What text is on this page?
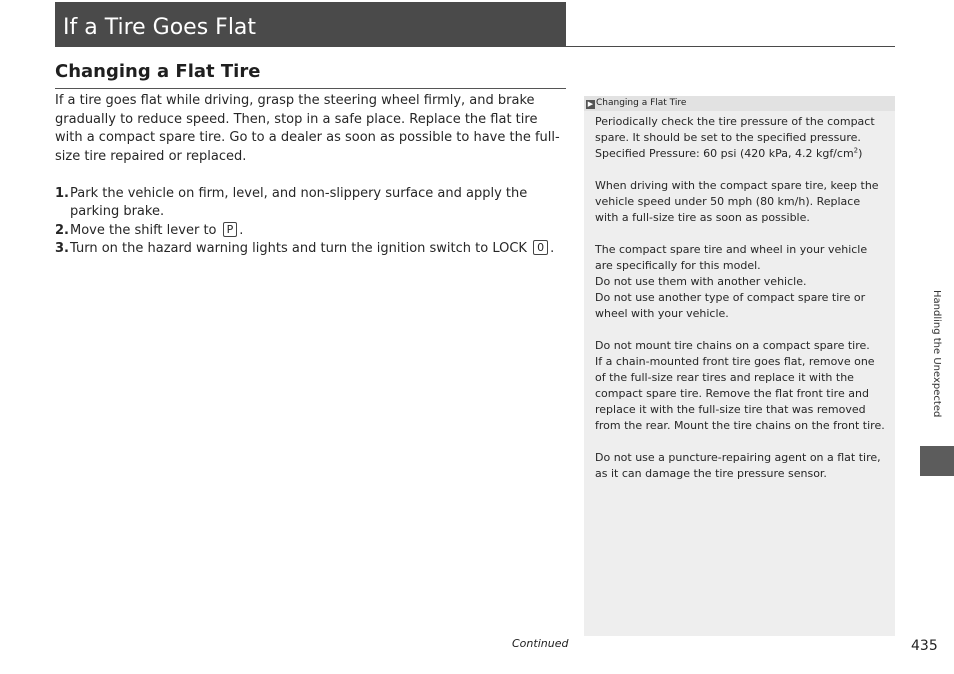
If a Tire Goes Flat
Changing a Flat Tire

If a tire goes flat while driving, grasp the steering wheel firmly, and brake gradually to reduce speed. Then, stop in a safe place. Replace the flat tire with a compact spare tire. Go to a dealer as soon as possible to have the full-size tire repaired or replaced.

1. Park the vehicle on firm, level, and non-slippery surface and apply the parking brake.
2. Move the shift lever to P .
3. Turn on the hazard warning lights and turn the ignition switch to LOCK 0 .
▶ Changing a Flat Tire

Periodically check the tire pressure of the compact spare. It should be set to the specified pressure.
Specified Pressure: 60 psi (420 kPa, 4.2 kgf/$cm^2$)

When driving with the compact spare tire, keep the vehicle speed under 50 mph (80 km/h). Replace with a full-size tire as soon as possible.

The compact spare tire and wheel in your vehicle are specifically for this model.
Do not use them with another vehicle.
Do not use another type of compact spare tire or wheel with your vehicle.

Do not mount tire chains on a compact spare tire.
If a chain-mounted front tire goes flat, remove one of the full-size rear tires and replace it with the compact spare tire. Remove the flat front tire and replace it with the full-size tire that was removed from the rear. Mount the tire chains on the front tire.

Do not use a puncture-repairing agent on a flat tire, as it can damage the tire pressure sensor.

Handling the Unexpected
Continued	435
